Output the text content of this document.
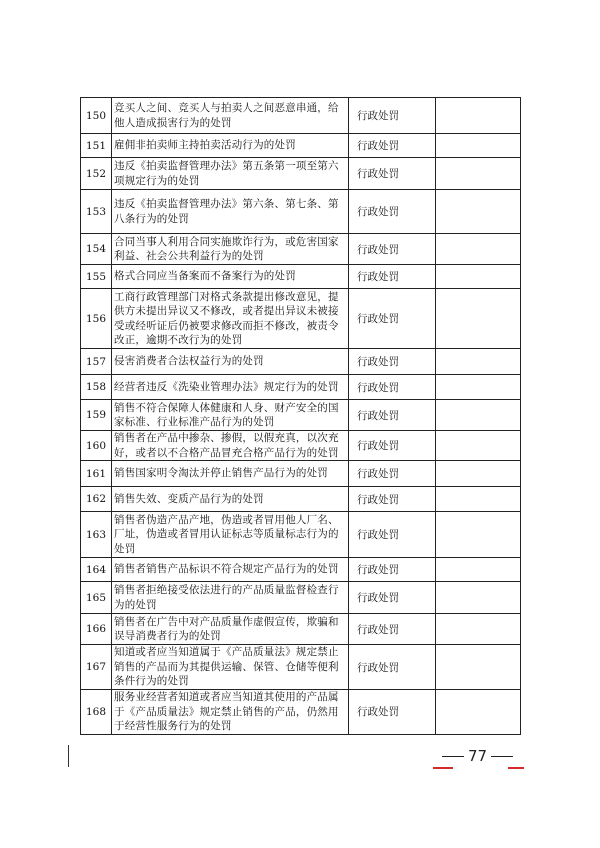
150	竞买人之间、竞买人与拍卖人之间恶意串通，给他人造成损害行为的处罚	行政处罚	
151	雇佣非拍卖师主持拍卖活动行为的处罚	行政处罚	
152	违反《拍卖监督管理办法》第五条第一项至第六项规定行为的处罚	行政处罚	
153	违反《拍卖监督管理办法》第六条、第七条、第八条行为的处罚	行政处罚	
154	合同当事人利用合同实施欺诈行为，或危害国家利益、社会公共利益行为的处罚	行政处罚	
155	格式合同应当备案而不备案行为的处罚	行政处罚	
156	工商行政管理部门对格式条款提出修改意见，提供方未提出异议又不修改，或者提出异议未被接受或经听证后仍被要求修改而拒不修改，被责令改正，逾期不改行为的处罚	行政处罚	
157	侵害消费者合法权益行为的处罚	行政处罚	
158	经营者违反《洗染业管理办法》规定行为的处罚	行政处罚	
159	销售不符合保障人体健康和人身、财产安全的国家标准、行业标准产品行为的处罚	行政处罚	
160	销售者在产品中掺杂、掺假，以假充真，以次充好，或者以不合格产品冒充合格产品行为的处罚	行政处罚	
161	销售国家明令淘汰并停止销售产品行为的处罚	行政处罚	
162	销售失效、变质产品行为的处罚	行政处罚	
163	销售者伪造产品产地，伪造或者冒用他人厂名、厂址，伪造或者冒用认证标志等质量标志行为的处罚	行政处罚	
164	销售者销售产品标识不符合规定产品行为的处罚	行政处罚	
165	销售者拒绝接受依法进行的产品质量监督检查行为的处罚	行政处罚	
166	销售者在广告中对产品质量作虚假宣传，欺骗和误导消费者行为的处罚	行政处罚	
167	知道或者应当知道属于《产品质量法》规定禁止销售的产品而为其提供运输、保管、仓储等便利条件行为的处罚	行政处罚	
168	服务业经营者知道或者应当知道其使用的产品属于《产品质量法》规定禁止销售的产品，仍然用于经营性服务行为的处罚	行政处罚	
77
